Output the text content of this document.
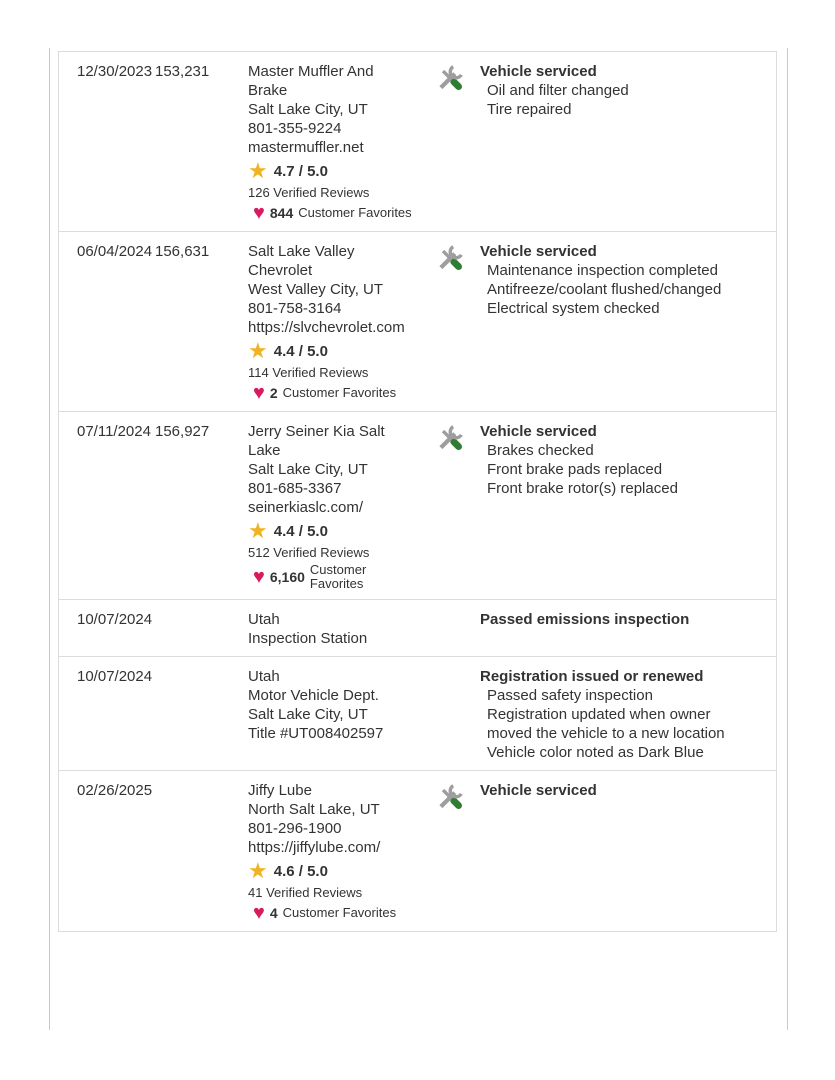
12/30/2023 153,231	Master Muffler And
Brake
Salt Lake City, UT
801-355-9224
mastermuffler.net
★ 4.7 / 5.0
126 Verified Reviews
♥ 844 Customer Favorites
Vehicle serviced
Oil and filter changed
Tire repaired
06/04/2024 156,631	Salt Lake Valley
Chevrolet
West Valley City, UT
801-758-3164
https://slvchevrolet.com
★ 4.4 / 5.0
114 Verified Reviews
♥ 2 Customer Favorites
Vehicle serviced
Maintenance inspection completed
Antifreeze/coolant flushed/changed
Electrical system checked
07/11/2024 156,927	Jerry Seiner Kia Salt
Lake
Salt Lake City, UT
801-685-3367
seinerkiaslc.com/
★ 4.4 / 5.0
512 Verified Reviews
♥ 6,160 Customer Favorites
Vehicle serviced
Brakes checked
Front brake pads replaced
Front brake rotor(s) replaced
10/07/2024	Utah
Inspection Station
Passed emissions inspection
10/07/2024	Utah
Motor Vehicle Dept.
Salt Lake City, UT
Title #UT008402597
Registration issued or renewed
Passed safety inspection
Registration updated when owner moved the vehicle to a new location
Vehicle color noted as Dark Blue
02/26/2025	Jiffy Lube
North Salt Lake, UT
801-296-1900
https://jiffylube.com/
★ 4.6 / 5.0
41 Verified Reviews
♥ 4 Customer Favorites
Vehicle serviced
